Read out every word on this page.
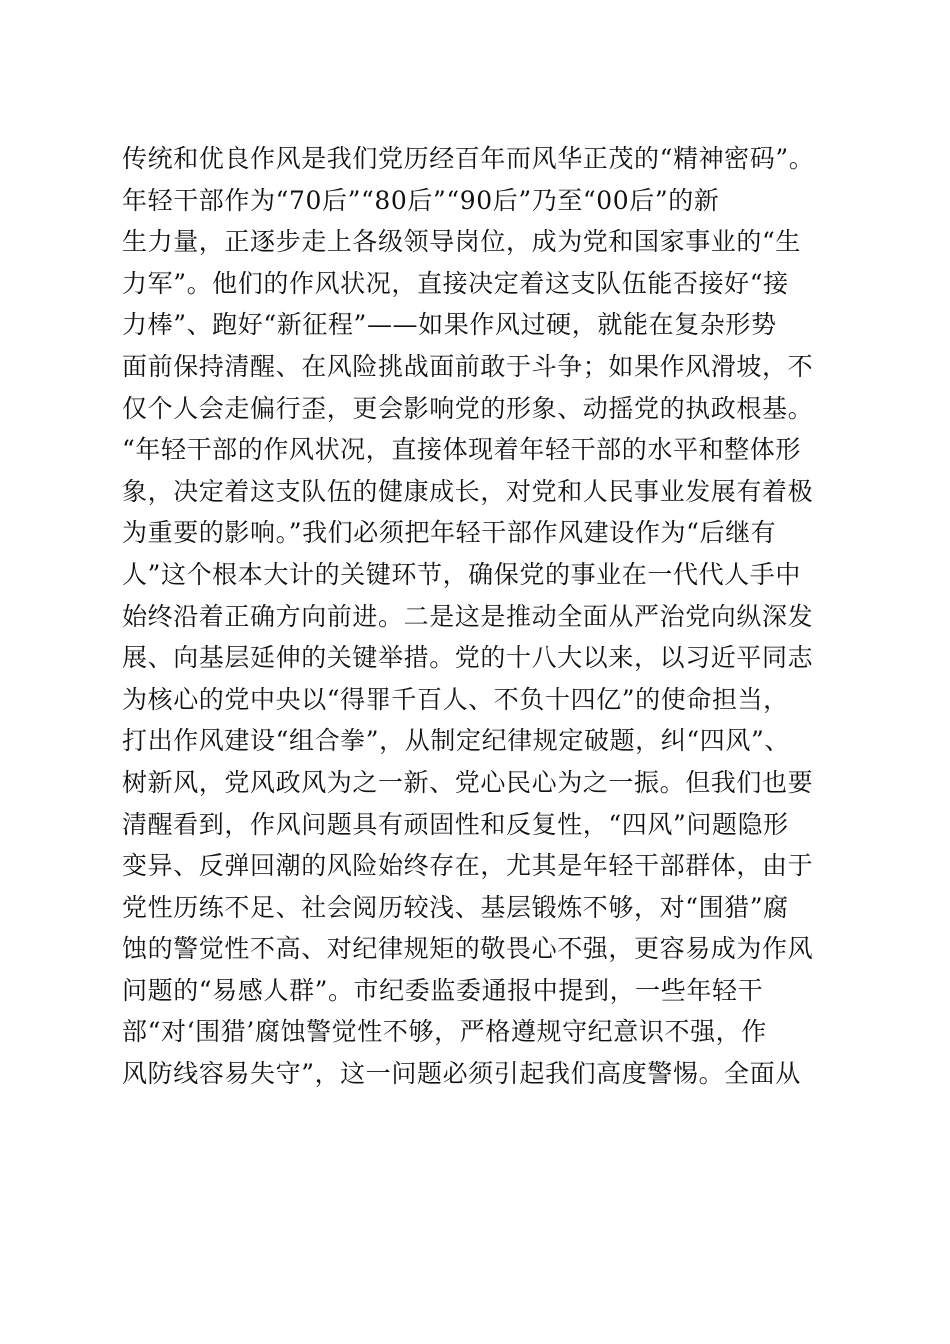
传统和优良作风是我们党历经百年而风华正茂的“精神密码”。
年轻干部作为“70后”“80后”“90后”乃至“00后”的新
生力量，正逐步走上各级领导岗位，成为党和国家事业的“生
力军”。他们的作风状况，直接决定着这支队伍能否接好“接
力棒”、跑好“新征程”——如果作风过硬，就能在复杂形势
面前保持清醒、在风险挑战面前敢于斗争；如果作风滑坡，不
仅个人会走偏行歪，更会影响党的形象、动摇党的执政根基。
“年轻干部的作风状况，直接体现着年轻干部的水平和整体形
象，决定着这支队伍的健康成长，对党和人民事业发展有着极
为重要的影响。”我们必须把年轻干部作风建设作为“后继有
人”这个根本大计的关键环节，确保党的事业在一代代人手中
始终沿着正确方向前进。二是这是推动全面从严治党向纵深发
展、向基层延伸的关键举措。党的十八大以来，以习近平同志
为核心的党中央以“得罪千百人、不负十四亿”的使命担当，
打出作风建设“组合拳”，从制定纪律规定破题，纠“四风”、
树新风，党风政风为之一新、党心民心为之一振。但我们也要
清醒看到，作风问题具有顽固性和反复性，“四风”问题隐形
变异、反弹回潮的风险始终存在，尤其是年轻干部群体，由于
党性历练不足、社会阅历较浅、基层锻炼不够，对“围猎”腐
蚀的警觉性不高、对纪律规矩的敬畏心不强，更容易成为作风
问题的“易感人群”。市纪委监委通报中提到，一些年轻干
部“对‘围猎’腐蚀警觉性不够，严格遵规守纪意识不强，作
风防线容易失守”，这一问题必须引起我们高度警惕。全面从
